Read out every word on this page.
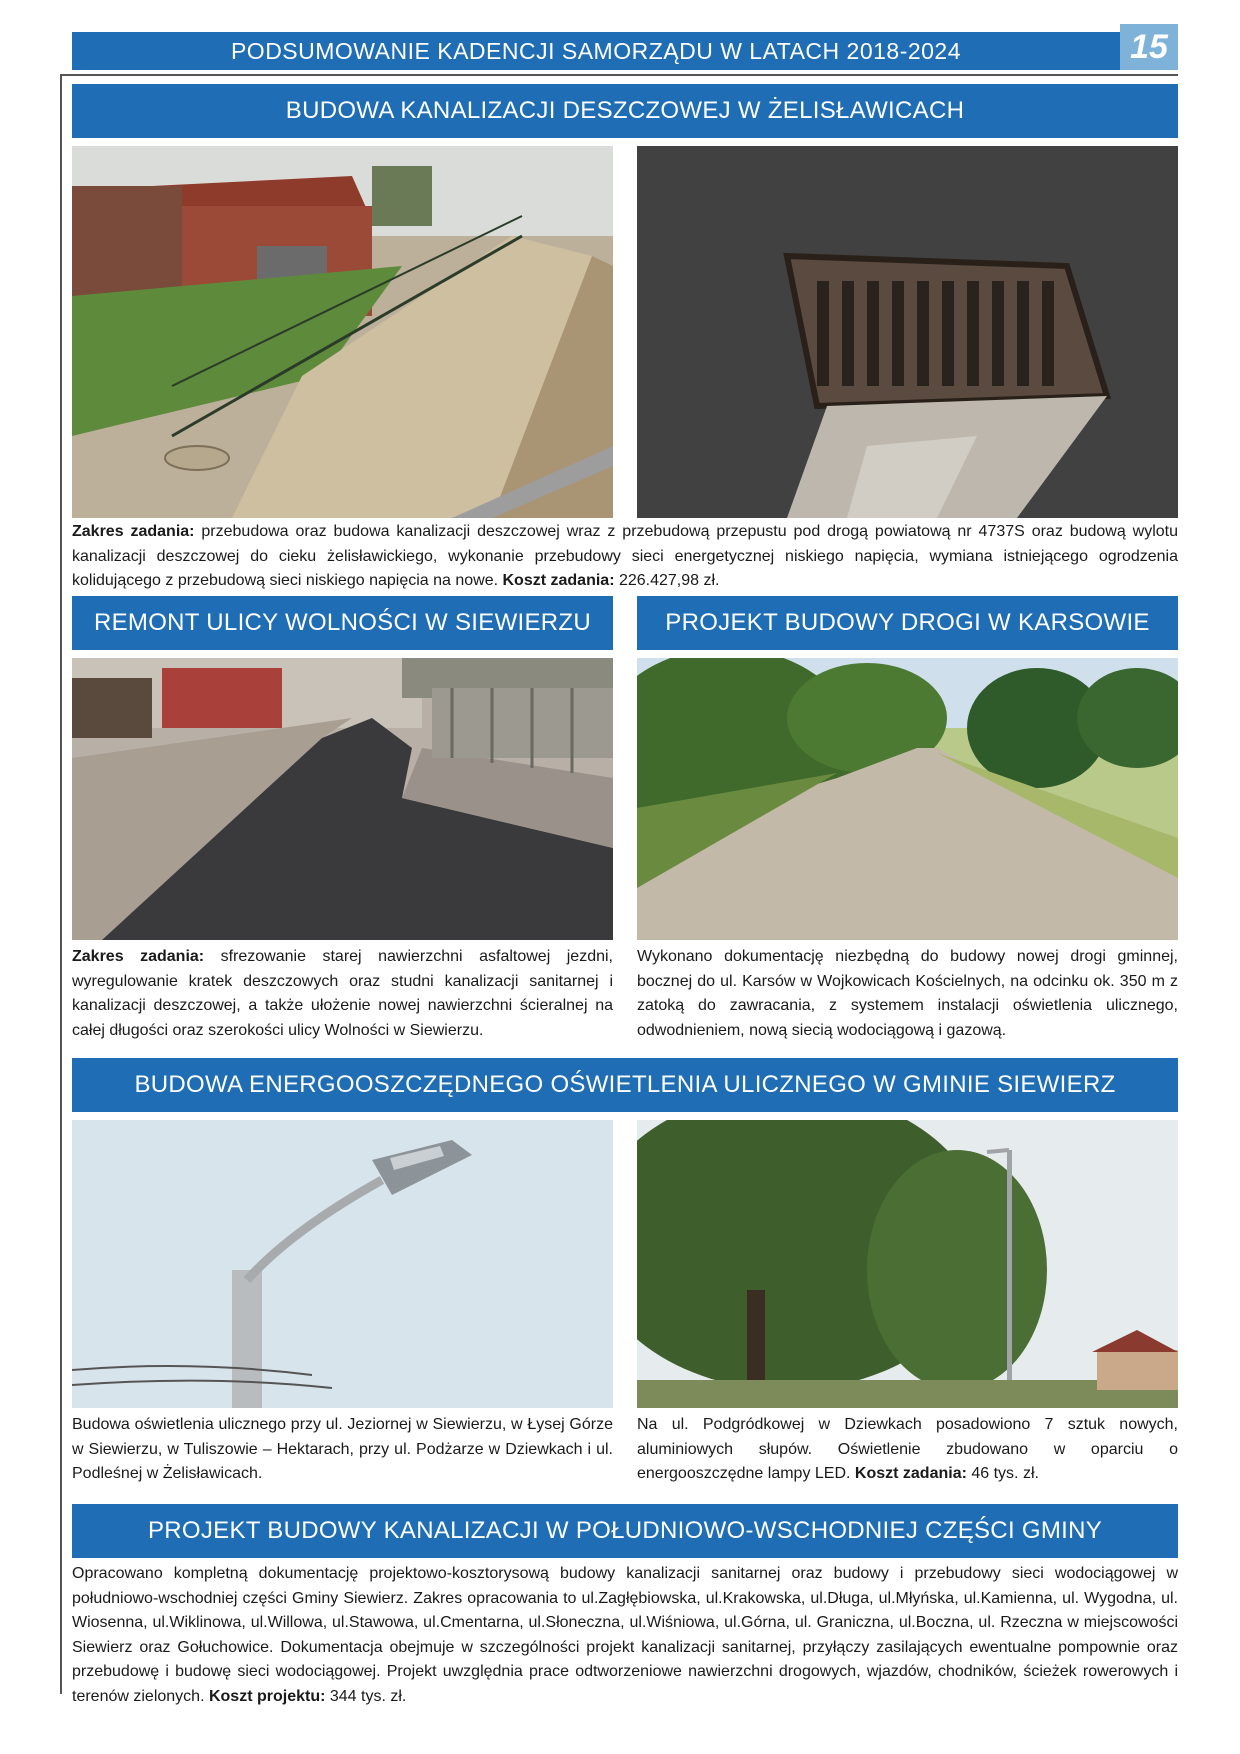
PODSUMOWANIE KADENCJI SAMORZĄDU W LATACH 2018-2024	15
BUDOWA KANALIZACJI DESZCZOWEJ W ŻELISŁAWICACH
Zakres zadania: przebudowa oraz budowa kanalizacji deszczowej wraz z przebudową przepustu pod drogą powiatową nr 4737S oraz budową wylotu kanalizacji deszczowej do cieku żelisławickiego, wykonanie przebudowy sieci energetycznej niskiego napięcia, wymiana istniejącego ogrodzenia kolidującego z przebudową sieci niskiego napięcia na nowe. Koszt zadania: 226.427,98 zł.
REMONT ULICY WOLNOŚCI W SIEWIERZU	PROJEKT BUDOWY DROGI W KARSOWIE
Zakres zadania: sfrezowanie starej nawierzchni asfaltowej jezdni, wyregulowanie kratek deszczowych oraz studni kanalizacji sanitarnej i kanalizacji deszczowej, a także ułożenie nowej nawierzchni ścieralnej na całej długości oraz szerokości ulicy Wolności w Siewierzu.
Wykonano dokumentację niezbędną do budowy nowej drogi gminnej, bocznej do ul. Karsów w Wojkowicach Kościelnych, na odcinku ok. 350 m z zatoką do zawracania, z systemem instalacji oświetlenia ulicznego, odwodnieniem, nową siecią wodociągową i gazową.
BUDOWA ENERGOOSZCZĘDNEGO OŚWIETLENIA ULICZNEGO W GMINIE SIEWIERZ
Budowa oświetlenia ulicznego przy ul. Jeziornej w Siewierzu, w Łysej Górze w Siewierzu, w Tuliszowie – Hektarach, przy ul. Podżarze w Dziewkach i ul. Podleśnej w Żelisławicach.
Na ul. Podgródkowej w Dziewkach posadowiono 7 sztuk nowych, aluminiowych słupów. Oświetlenie zbudowano w oparciu o energooszczędne lampy LED. Koszt zadania: 46 tys. zł.
PROJEKT BUDOWY KANALIZACJI W POŁUDNIOWO-WSCHODNIEJ CZĘŚCI GMINY
Opracowano kompletną dokumentację projektowo-kosztorysową budowy kanalizacji sanitarnej oraz budowy i przebudowy sieci wodociągowej w południowo-wschodniej części Gminy Siewierz. Zakres opracowania to ul.Zagłębiowska, ul.Krakowska, ul.Długa, ul.Młyńska, ul.Kamienna, ul. Wygodna, ul. Wiosenna, ul.Wiklinowa, ul.Willowa, ul.Stawowa, ul.Cmentarna, ul.Słoneczna, ul.Wiśniowa, ul.Górna, ul. Graniczna, ul.Boczna, ul. Rzeczna w miejscowości Siewierz oraz Gołuchowice. Dokumentacja obejmuje w szczególności projekt kanalizacji sanitarnej, przyłączy zasilających ewentualne pompownie oraz przebudowę i budowę sieci wodociągowej. Projekt uwzględnia prace odtworzeniowe nawierzchni drogowych, wjazdów, chodników, ścieżek rowerowych i terenów zielonych. Koszt projektu: 344 tys. zł.
